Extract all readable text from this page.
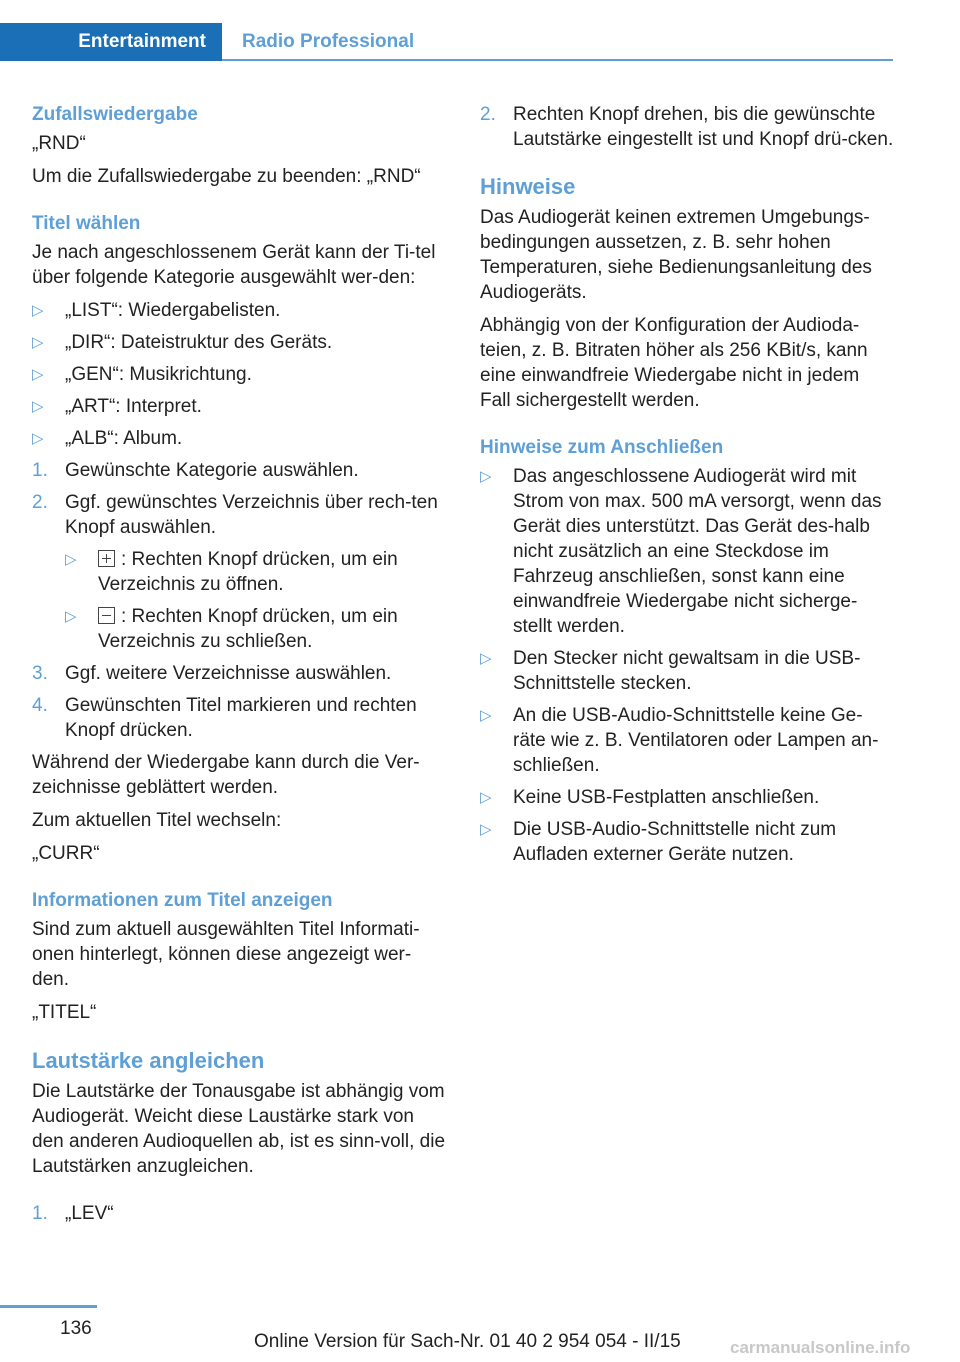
Entertainment	Radio Professional
Zufallswiedergabe

„RND“

Um die Zufallswiedergabe zu beenden: „RND“

Titel wählen

Je nach angeschlossenem Gerät kann der Ti-tel über folgende Kategorie ausgewählt wer-den:

▷ „LIST“: Wiedergabelisten.
▷ „DIR“: Dateistruktur des Geräts.
▷ „GEN“: Musikrichtung.
▷ „ART“: Interpret.
▷ „ALB“: Album.
1. Gewünschte Kategorie auswählen.
2. Ggf. gewünschtes Verzeichnis über rech-ten Knopf auswählen.
▷ : Rechten Knopf drücken, um ein Verzeichnis zu öffnen.
▷ : Rechten Knopf drücken, um ein Verzeichnis zu schließen.
3. Ggf. weitere Verzeichnisse auswählen.
4. Gewünschten Titel markieren und rechten Knopf drücken.

Während der Wiedergabe kann durch die Ver-zeichnisse geblättert werden.

Zum aktuellen Titel wechseln:

„CURR“

Informationen zum Titel anzeigen

Sind zum aktuell ausgewählten Titel Informati-onen hinterlegt, können diese angezeigt wer-den.

„TITEL“

Lautstärke angleichen

Die Lautstärke der Tonausgabe ist abhängig vom Audiogerät. Weicht diese Laustärke stark von den anderen Audioquellen ab, ist es sinn-voll, die Lautstärken anzugleichen.

1. „LEV“
2. Rechten Knopf drehen, bis die gewünschte Lautstärke eingestellt ist und Knopf drü-cken.
Hinweise

Das Audiogerät keinen extremen Umgebungs-bedingungen aussetzen, z. B. sehr hohen Temperaturen, siehe Bedienungsanleitung des Audiogeräts.

Abhängig von der Konfiguration der Audioda-teien, z. B. Bitraten höher als 256 KBit/s, kann eine einwandfreie Wiedergabe nicht in jedem Fall sichergestellt werden.

Hinweise zum Anschließen
▷ Das angeschlossene Audiogerät wird mit Strom von max. 500 mA versorgt, wenn das Gerät dies unterstützt. Das Gerät des-halb nicht zusätzlich an eine Steckdose im Fahrzeug anschließen, sonst kann eine einwandfreie Wiedergabe nicht sicherge-stellt werden.
▷ Den Stecker nicht gewaltsam in die USB-Schnittstelle stecken.
▷ An die USB-Audio-Schnittstelle keine Ge-räte wie z. B. Ventilatoren oder Lampen an-schließen.
▷ Keine USB-Festplatten anschließen.
▷ Die USB-Audio-Schnittstelle nicht zum Aufladen externer Geräte nutzen.
136
Online Version für Sach-Nr. 01 40 2 954 054 - II/15	carmanualsonline.info
